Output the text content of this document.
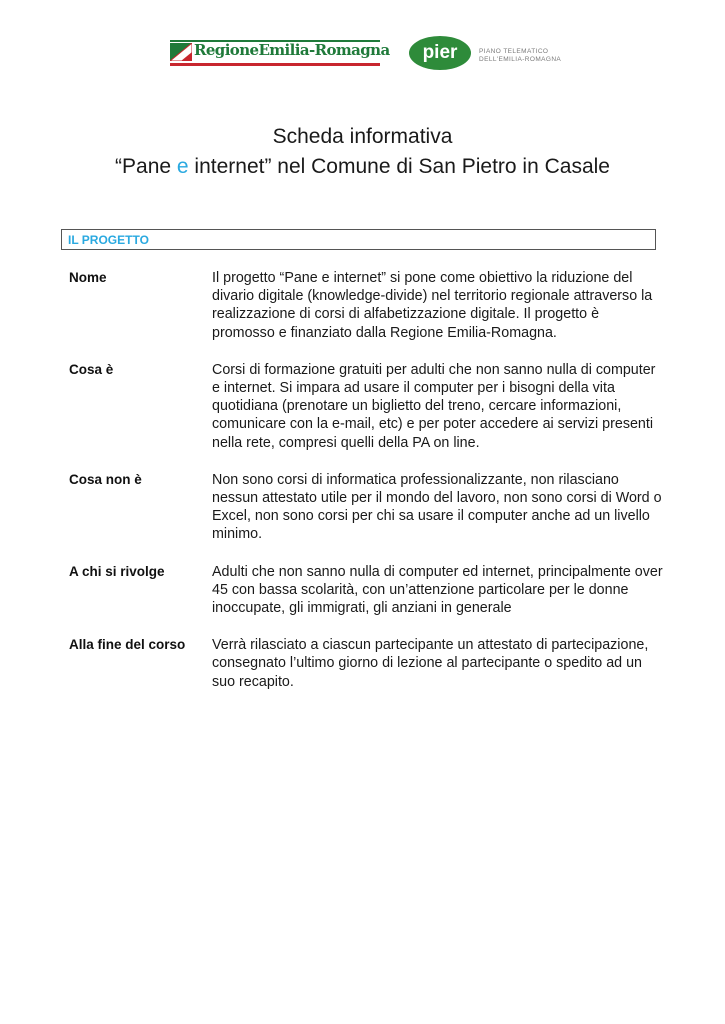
RegioneEmilia-Romagna pier	PIANO TELEMATICO
DELL'EMILIA-ROMAGNA
Scheda informativa
“Pane e internet” nel Comune di San Pietro in Casale
IL PROGETTO
Nome	Il progetto “Pane e internet” si pone come obiettivo la riduzione del divario digitale (knowledge-divide) nel territorio regionale attraverso la realizzazione di corsi di alfabetizzazione digitale. Il progetto è promosso e finanziato dalla Regione Emilia-Romagna.
Cosa è	Corsi di formazione gratuiti per adulti che non sanno nulla di computer e internet. Si impara ad usare il computer per i bisogni della vita quotidiana (prenotare un biglietto del treno, cercare informazioni, comunicare con la e-mail, etc) e per poter accedere ai servizi presenti nella rete, compresi quelli della PA on line.
Cosa non è	Non sono corsi di informatica professionalizzante, non rilasciano nessun attestato utile per il mondo del lavoro, non sono corsi di Word o Excel, non sono corsi per chi sa usare il computer anche ad un livello minimo.
A chi si rivolge	Adulti che non sanno nulla di computer ed internet, principalmente over 45 con bassa scolarità, con un’attenzione particolare per le donne inoccupate, gli immigrati, gli anziani in generale
Alla fine del corso	Verrà rilasciato a ciascun partecipante un attestato di partecipazione, consegnato l’ultimo giorno di lezione al partecipante o spedito ad un suo recapito.
